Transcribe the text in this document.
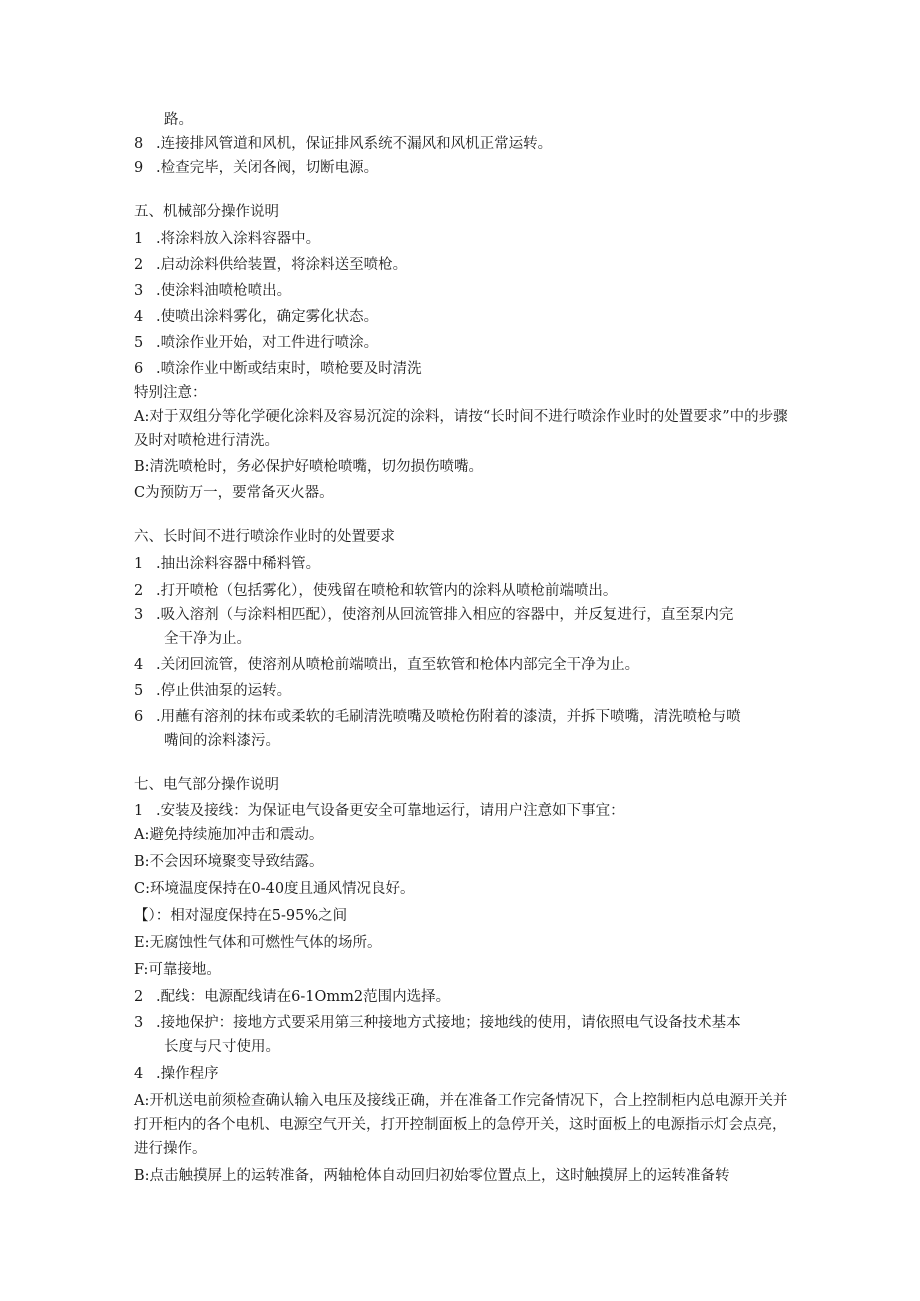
路。

8 .连接排风管道和风机，保证排风系统不漏风和风机正常运转。
9 .检查完毕，关闭各阀，切断电源。

五、机械部分操作说明

1 .将涂料放入涂料容器中。
2 .启动涂料供给装置，将涂料送至喷枪。
3 .使涂料油喷枪喷出。
4 .使喷出涂料雾化，确定雾化状态。
5 .喷涂作业开始，对工件进行喷涂。
6 .喷涂作业中断或结束时，喷枪要及时清洗

特别注意：

A:对于双组分等化学硬化涂料及容易沉淀的涂料，请按“长时间不进行喷涂作业时的处置要求”中的步骤及时对喷枪进行清洗。

B:清洗喷枪时，务必保护好喷枪喷嘴，切勿损伤喷嘴。

C为预防万一，要常备灭火器。

六、长时间不进行喷涂作业时的处置要求

1 .抽出涂料容器中稀料管。
2 .打开喷枪（包括雾化），使残留在喷枪和软管内的涂料从喷枪前端喷出。
3 .吸入溶剂（与涂料相匹配），使溶剂从回流管排入相应的容器中，并反复进行，直至泵内完

全干净为止。

4 .关闭回流管，使溶剂从喷枪前端喷出，直至软管和枪体内部完全干净为止。
5 .停止供油泵的运转。
6 .用蘸有溶剂的抹布或柔软的毛刷清洗喷嘴及喷枪伤附着的漆渍，并拆下喷嘴，清洗喷枪与喷

嘴间的涂料漆污。

七、电气部分操作说明

1 .安装及接线：为保证电气设备更安全可靠地运行，请用户注意如下事宜：

A:避免持续施加冲击和震动。

B:不会因环境聚变导致结露。

C:环境温度保持在0-40度且通风情况良好。

【）：相对湿度保持在5-95%之间

E:无腐蚀性气体和可燃性气体的场所。

F:可靠接地。

2 .配线：电源配线请在6-1Omm2范围内选择。
3 .接地保护：接地方式要采用第三种接地方式接地；接地线的使用，请依照电气设备技术基本

长度与尺寸使用。

4 .操作程序

A:开机送电前须检查确认输入电压及接线正确，并在准备工作完备情况下，合上控制柜内总电源开关并打开柜内的各个电机、电源空气开关，打开控制面板上的急停开关，这时面板上的电源指示灯会点亮，进行操作。

B:点击触摸屏上的运转准备，两轴枪体自动回归初始零位置点上，这时触摸屏上的运转准备转
